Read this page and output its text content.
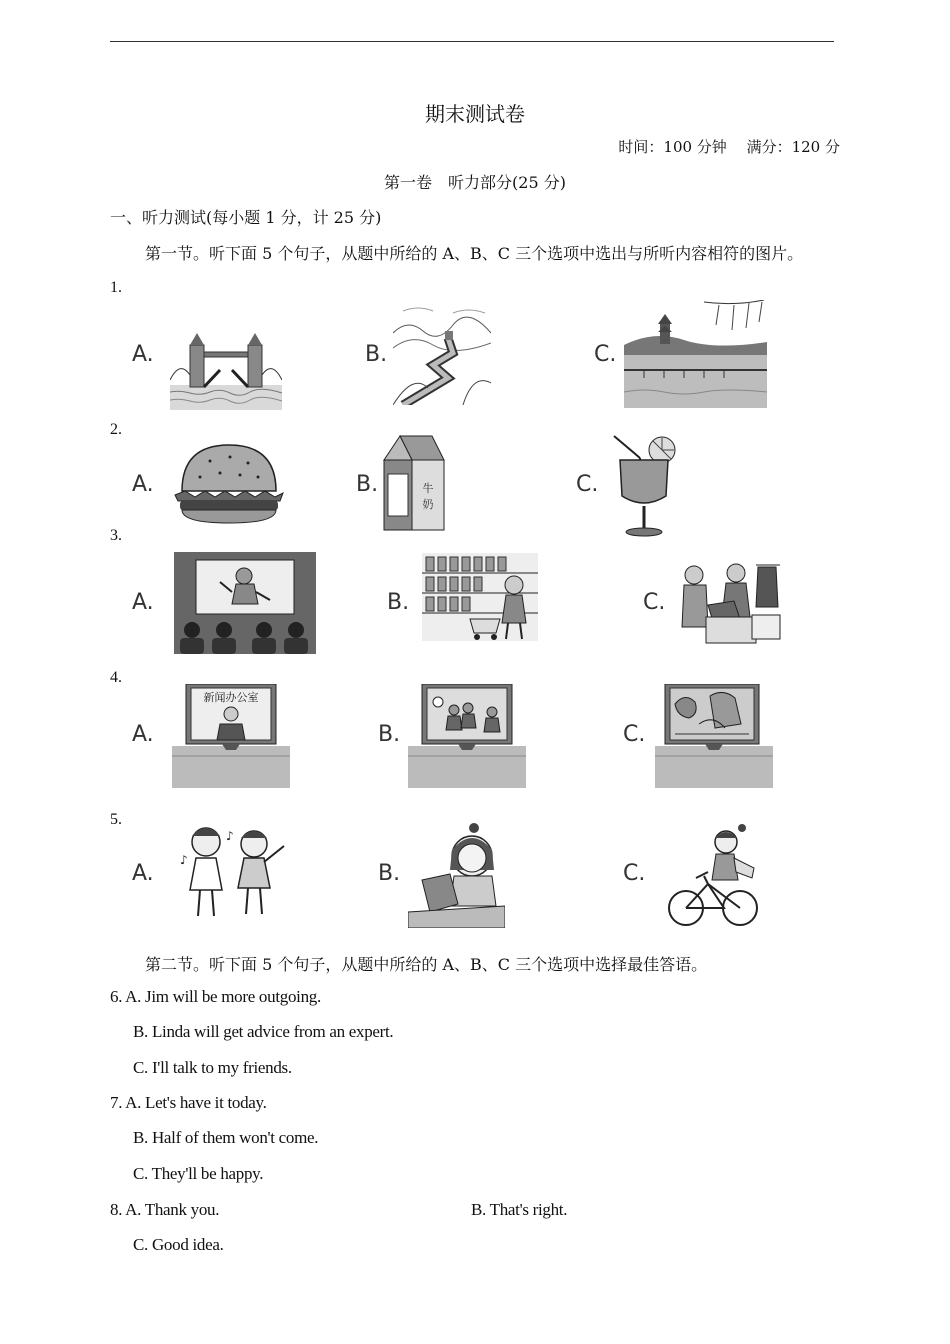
期末测试卷
时间：100 分钟　 满分：120 分
第一卷　听力部分(25 分)
一、听力测试(每小题 1 分，计 25 分)
第一节。听下面 5 个句子，从题中所给的 A、B、C 三个选项中选出与所听内容相符的图片。
1.
A.	B.	C.
2.
A.	B.	牛
奶
C.
3.
A.	B.	C.
4.
A.
新闻办公室
B.	C.
5.
A.
♪
♪
B.	C.
第二节。听下面 5 个句子，从题中所给的 A、B、C 三个选项中选择最佳答语。
6. A. Jim will be more outgoing.
B. Linda will get advice from an expert.
C. I'll talk to my friends.
7. A. Let's have it today.
B. Half of them won't come.
C. They'll be happy.
8. A. Thank you.	B. That's right.
C. Good idea.
